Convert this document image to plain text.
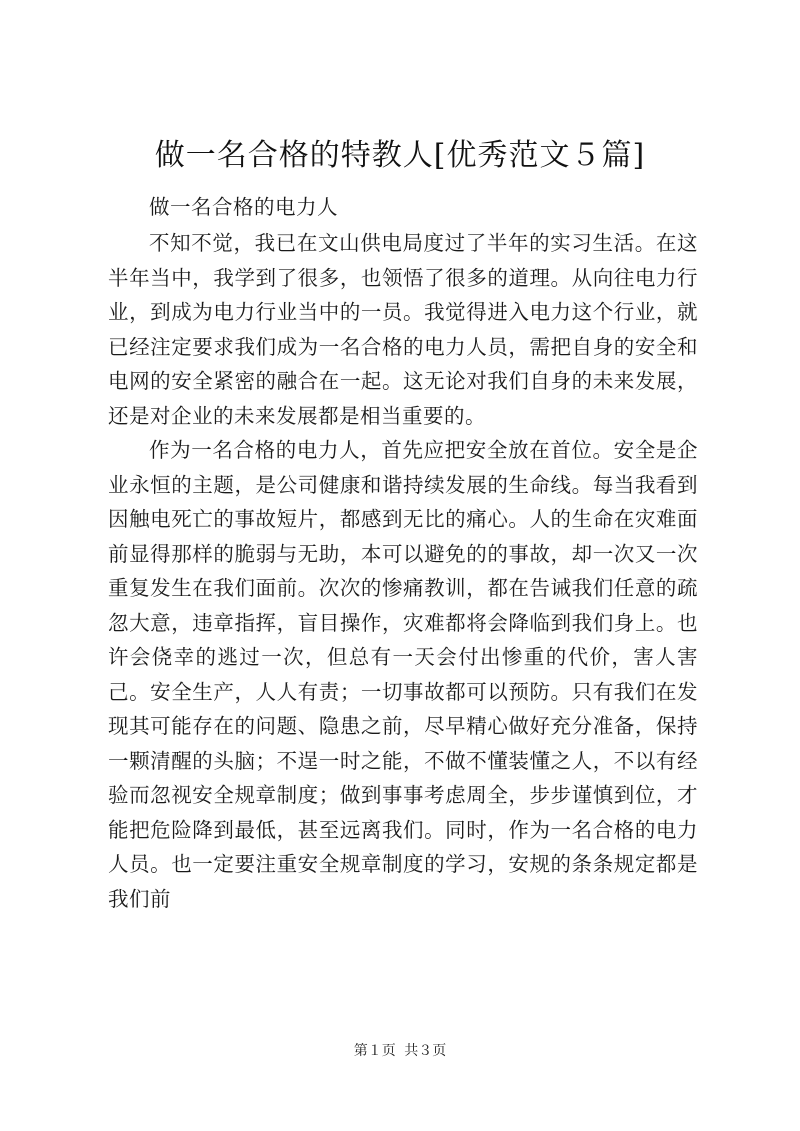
做一名合格的特教人[优秀范文５篇]

做一名合格的电力人

不知不觉，我已在文山供电局度过了半年的实习生活。在这半年当中，我学到了很多，也领悟了很多的道理。从向往电力行业，到成为电力行业当中的一员。我觉得进入电力这个行业，就已经注定要求我们成为一名合格的电力人员，需把自身的安全和电网的安全紧密的融合在一起。这无论对我们自身的未来发展，还是对企业的未来发展都是相当重要的。

作为一名合格的电力人，首先应把安全放在首位。安全是企业永恒的主题，是公司健康和谐持续发展的生命线。每当我看到因触电死亡的事故短片，都感到无比的痛心。人的生命在灾难面前显得那样的脆弱与无助，本可以避免的的事故，却一次又一次重复发生在我们面前。次次的惨痛教训，都在告诫我们任意的疏忽大意，违章指挥，盲目操作，灾难都将会降临到我们身上。也许会侥幸的逃过一次，但总有一天会付出惨重的代价，害人害己。安全生产，人人有责；一切事故都可以预防。只有我们在发现其可能存在的问题、隐患之前，尽早精心做好充分准备，保持一颗清醒的头脑；不逞一时之能，不做不懂装懂之人，不以有经验而忽视安全规章制度；做到事事考虑周全，步步谨慎到位，才能把危险降到最低，甚至远离我们。同时，作为一名合格的电力人员。也一定要注重安全规章制度的学习，安规的条条规定都是我们前

第１页 共３页
